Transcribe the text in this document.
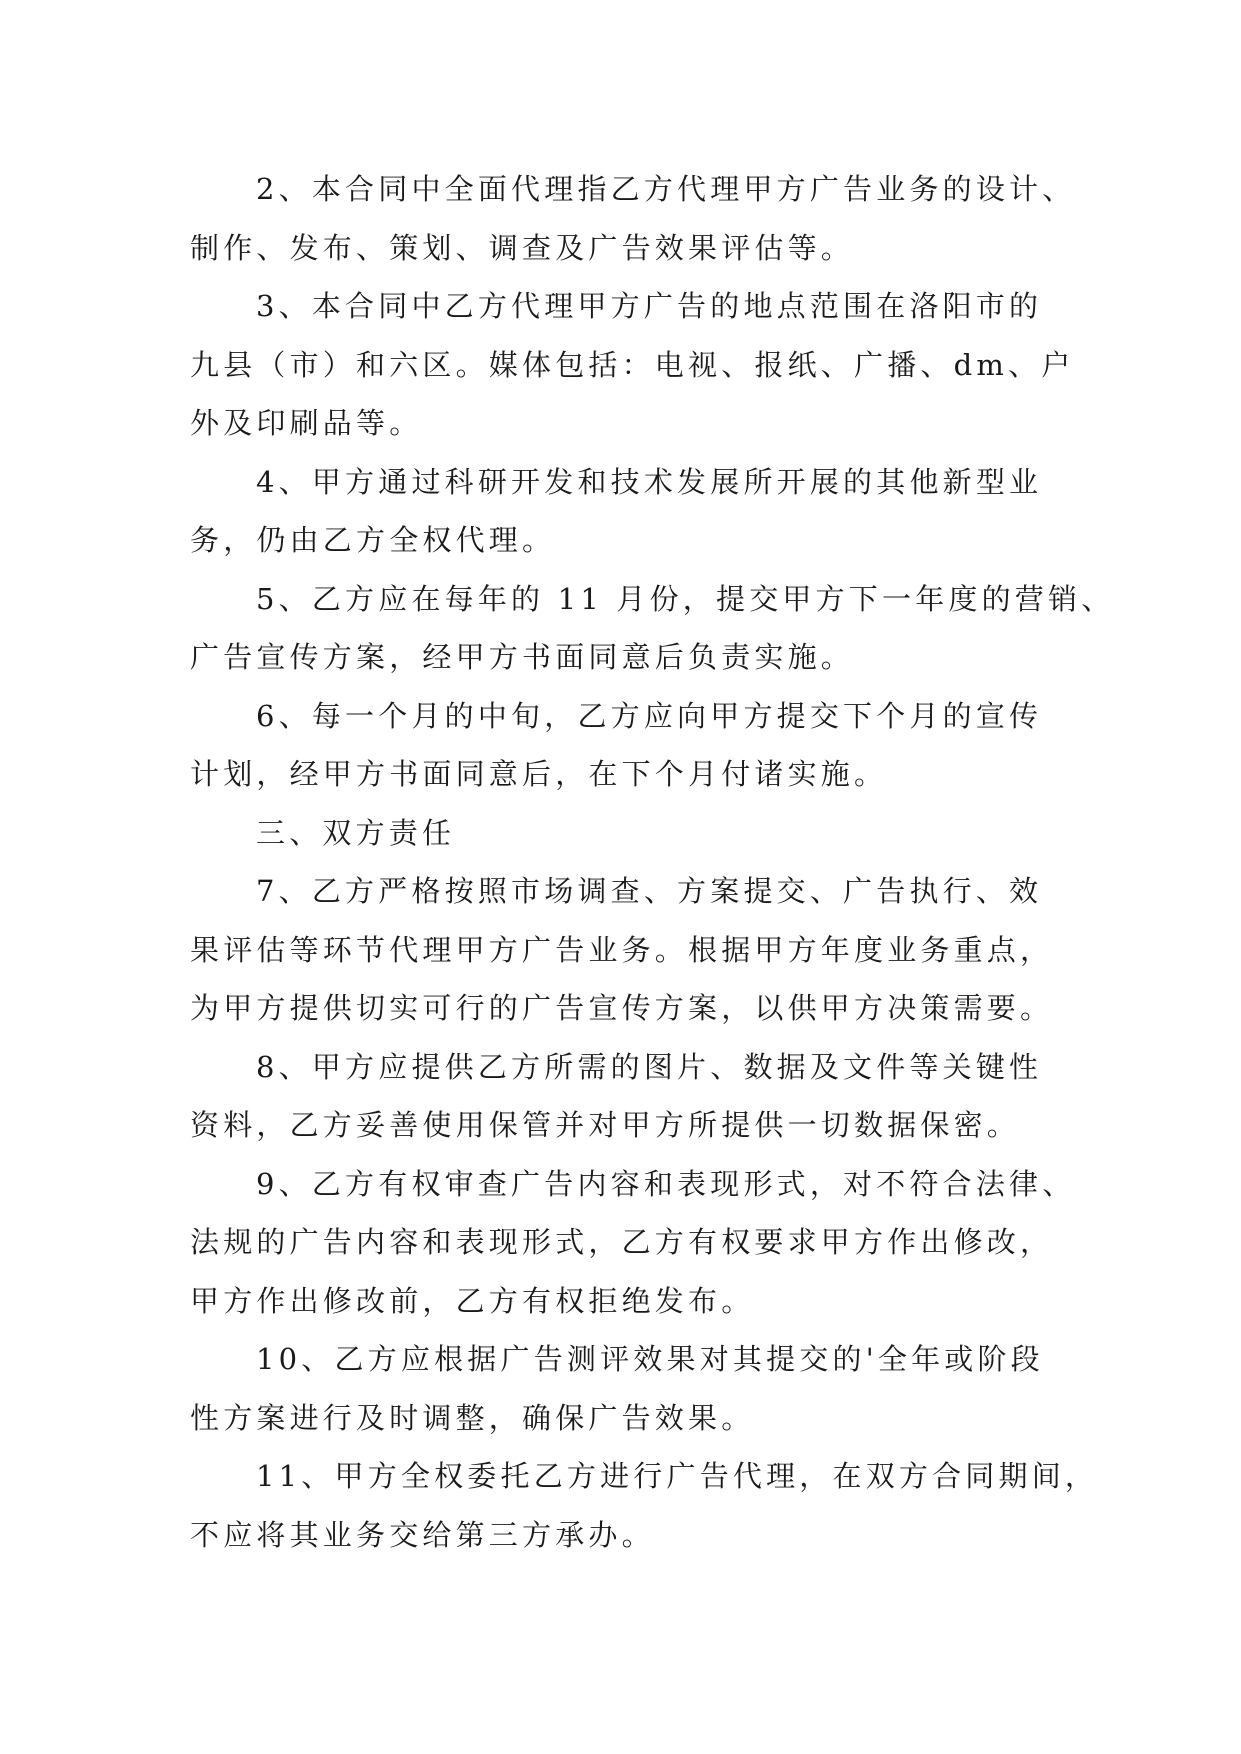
2、本合同中全面代理指乙方代理甲方广告业务的设计、
制作、发布、策划、调查及广告效果评估等。

3、本合同中乙方代理甲方广告的地点范围在洛阳市的
九县（市）和六区。媒体包括：电视、报纸、广播、dm、户
外及印刷品等。

4、甲方通过科研开发和技术发展所开展的其他新型业
务，仍由乙方全权代理。

5、乙方应在每年的 11 月份，提交甲方下一年度的营销、
广告宣传方案，经甲方书面同意后负责实施。

6、每一个月的中旬，乙方应向甲方提交下个月的宣传
计划，经甲方书面同意后，在下个月付诸实施。

三、双方责任

7、乙方严格按照市场调查、方案提交、广告执行、效
果评估等环节代理甲方广告业务。根据甲方年度业务重点，
为甲方提供切实可行的广告宣传方案，以供甲方决策需要。

8、甲方应提供乙方所需的图片、数据及文件等关键性
资料，乙方妥善使用保管并对甲方所提供一切数据保密。

9、乙方有权审查广告内容和表现形式，对不符合法律、
法规的广告内容和表现形式，乙方有权要求甲方作出修改，
甲方作出修改前，乙方有权拒绝发布。

10、乙方应根据广告测评效果对其提交的'全年或阶段
性方案进行及时调整，确保广告效果。

11、甲方全权委托乙方进行广告代理，在双方合同期间，
不应将其业务交给第三方承办。
